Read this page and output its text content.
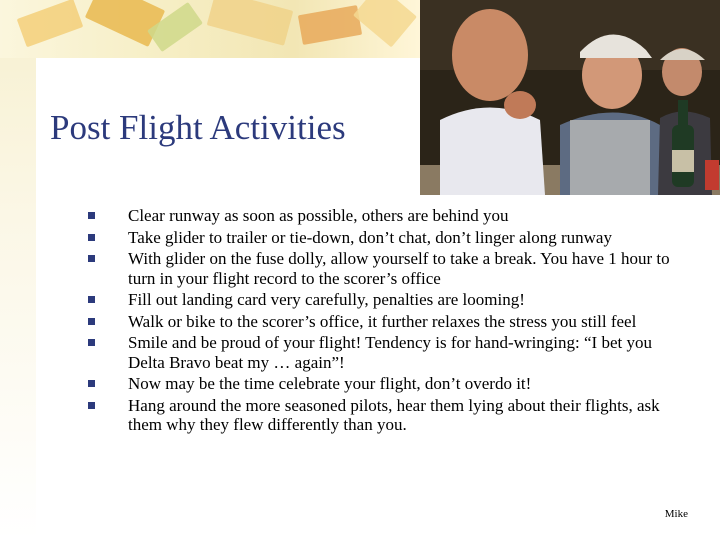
Post Flight Activities
Clear runway as soon as possible, others are behind you
Take glider to trailer or tie-down, don’t chat, don’t linger along runway
With glider on the fuse dolly, allow yourself to take a break. You have 1 hour to turn in your flight record to the scorer’s office
Fill out landing card very carefully, penalties are looming!
Walk or bike to the scorer’s office, it further relaxes the stress you still feel
Smile and be proud of your flight! Tendency is for hand-wringing: “I bet you Delta Bravo beat my … again”!
Now may be the time celebrate your flight, don’t overdo it!
Hang around the more seasoned pilots, hear them lying about their flights, ask them why they flew differently than you.
Mike
